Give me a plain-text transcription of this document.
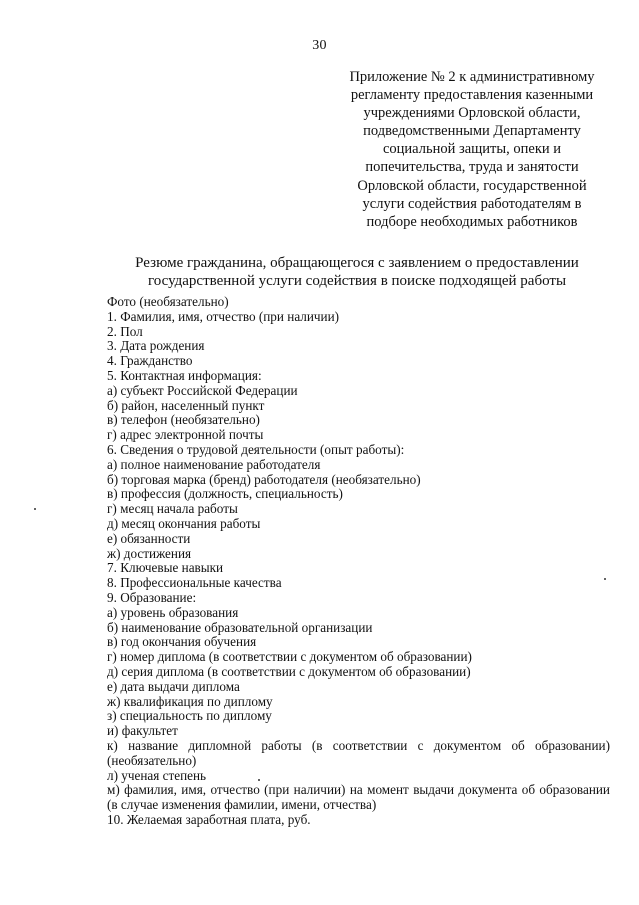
30
Приложение № 2 к административному
регламенту предоставления казенными
учреждениями Орловской области,
подведомственными Департаменту
социальной защиты, опеки и
попечительства, труда и занятости
Орловской области, государственной
услуги содействия работодателям в
подборе необходимых работников
Резюме гражданина, обращающегося с заявлением о предоставлении
государственной услуги содействия в поиске подходящей работы
Фото (необязательно)
1. Фамилия, имя, отчество (при наличии)
2. Пол
3. Дата рождения
4. Гражданство
5. Контактная информация:
а) субъект Российской Федерации
б) район, населенный пункт
в) телефон (необязательно)
г) адрес электронной почты
6. Сведения о трудовой деятельности (опыт работы):
а) полное наименование работодателя
б) торговая марка (бренд) работодателя (необязательно)
в) профессия (должность, специальность)
г) месяц начала работы
д) месяц окончания работы
е) обязанности
ж) достижения
7. Ключевые навыки
8. Профессиональные качества
9. Образование:
а) уровень образования
б) наименование образовательной организации
в) год окончания обучения
г) номер диплома (в соответствии с документом об образовании)
д) серия диплома (в соответствии с документом об образовании)
е) дата выдачи диплома
ж) квалификация по диплому
з) специальность по диплому
и) факультет
к) название дипломной работы (в соответствии с документом об образовании) (необязательно)
л) ученая степень
м) фамилия, имя, отчество (при наличии) на момент выдачи документа об образовании (в случае изменения фамилии, имени, отчества)
10. Желаемая заработная плата, руб.
